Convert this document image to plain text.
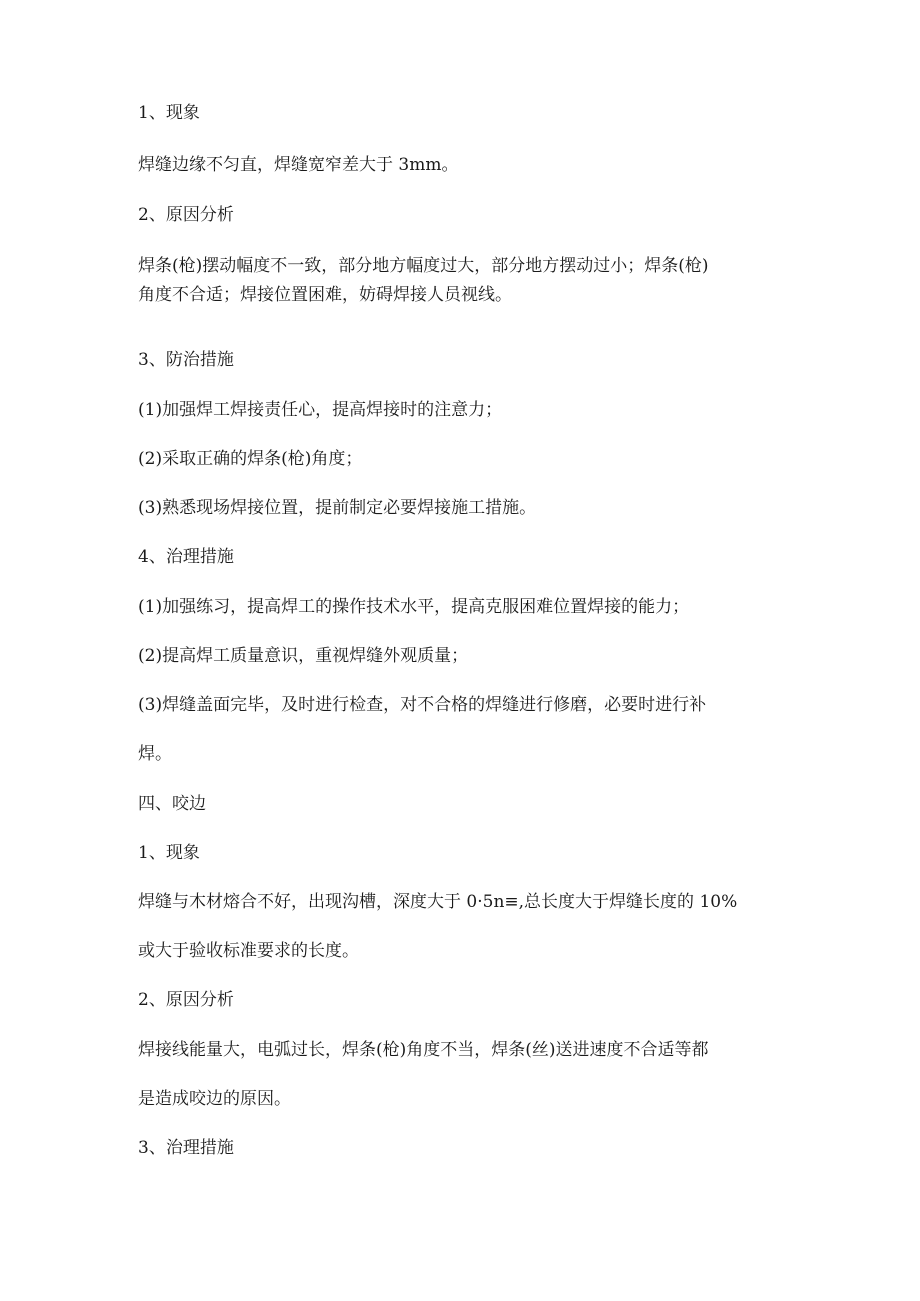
1、现象

焊缝边缘不匀直，焊缝宽窄差大于 3mm。

2、原因分析

焊条(枪)摆动幅度不一致，部分地方幅度过大，部分地方摆动过小；焊条(枪)

角度不合适；焊接位置困难，妨碍焊接人员视线。

3、防治措施

(1)加强焊工焊接责任心，提高焊接时的注意力；

(2)采取正确的焊条(枪)角度；

(3)熟悉现场焊接位置，提前制定必要焊接施工措施。

4、治理措施

(1)加强练习，提高焊工的操作技术水平，提高克服困难位置焊接的能力；

(2)提高焊工质量意识，重视焊缝外观质量；

(3)焊缝盖面完毕，及时进行检查，对不合格的焊缝进行修磨，必要时进行补

焊。

四、咬边

1、现象

焊缝与木材熔合不好，出现沟槽，深度大于 0·5n≡,总长度大于焊缝长度的 10%

或大于验收标准要求的长度。

2、原因分析

焊接线能量大，电弧过长，焊条(枪)角度不当，焊条(丝)送进速度不合适等都

是造成咬边的原因。

3、治理措施
